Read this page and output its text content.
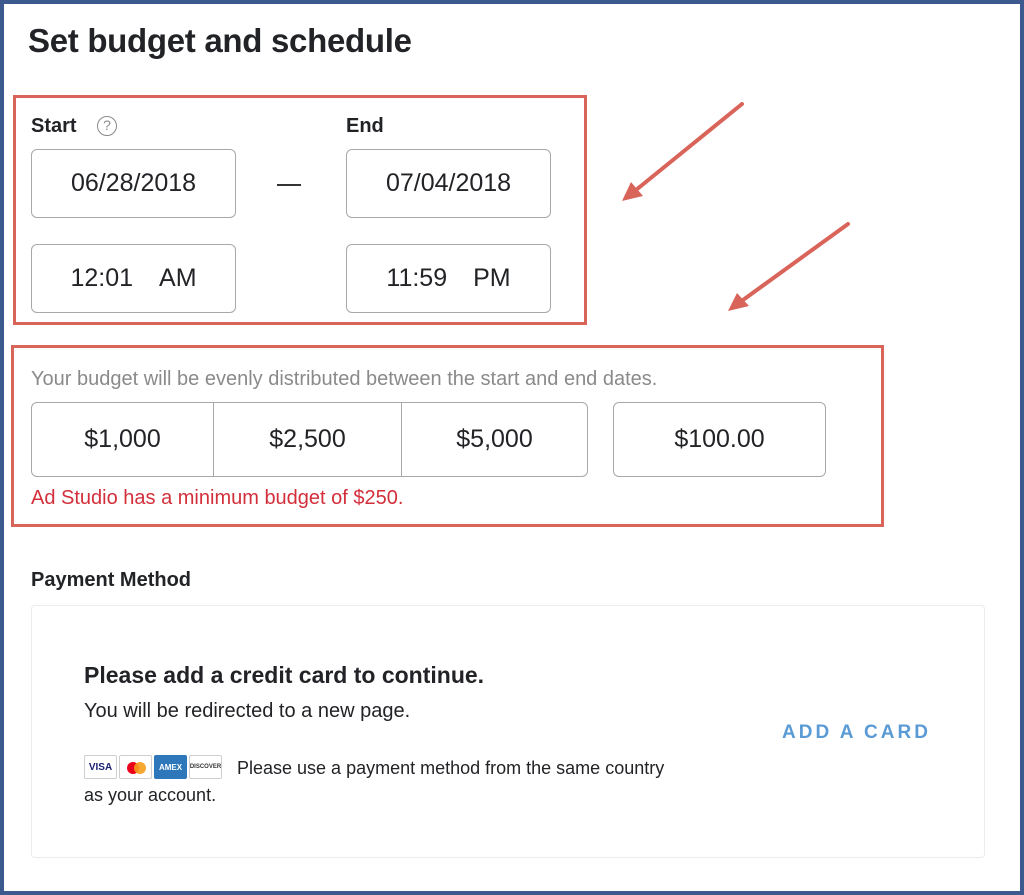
Set budget and schedule
Start	?	End
06/28/2018	07/04/2018
12:01 AM	11:59 PM
Your budget will be evenly distributed between the start and end dates.
$1,000	$2,500	$5,000	$100.00
Ad Studio has a minimum budget of $250.
Payment Method
Please add a credit card to continue.
You will be redirected to a new page.
VISA	AMEX DISCOVER Please use a payment method from the same country
as your account.
ADD A CARD
